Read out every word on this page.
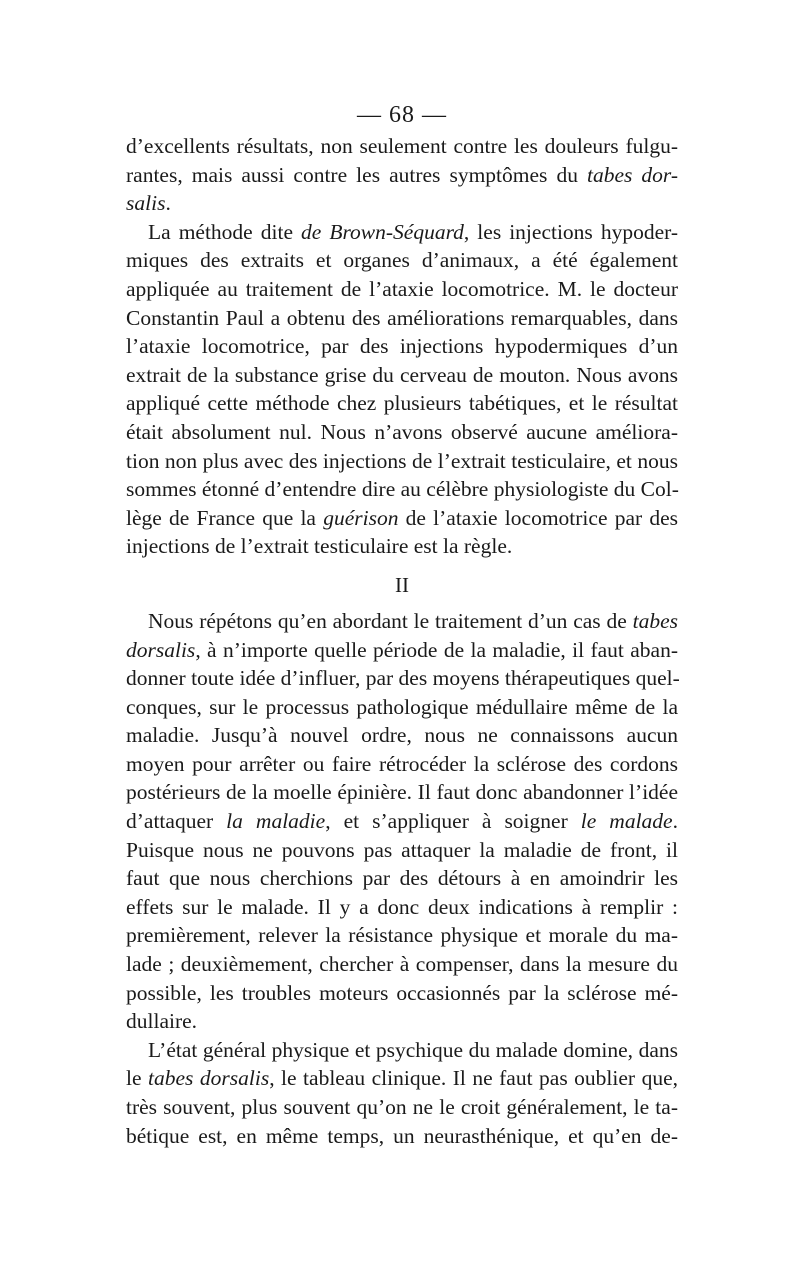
— 68 —
d’excellents résultats, non seulement contre les douleurs fulgu-
rantes, mais aussi contre les autres symptômes du tabes dor-
salis.
La méthode dite de Brown-Séquard, les injections hypoder-
miques des extraits et organes d’animaux, a été également
appliquée au traitement de l’ataxie locomotrice. M. le docteur
Constantin Paul a obtenu des améliorations remarquables, dans
l’ataxie locomotrice, par des injections hypodermiques d’un
extrait de la substance grise du cerveau de mouton. Nous avons
appliqué cette méthode chez plusieurs tabétiques, et le résultat
était absolument nul. Nous n’avons observé aucune améliora-
tion non plus avec des injections de l’extrait testiculaire, et nous
sommes étonné d’entendre dire au célèbre physiologiste du Col-
lège de France que la guérison de l’ataxie locomotrice par des
injections de l’extrait testiculaire est la règle.
II
Nous répétons qu’en abordant le traitement d’un cas de tabes
dorsalis, à n’importe quelle période de la maladie, il faut aban-
donner toute idée d’influer, par des moyens thérapeutiques quel-
conques, sur le processus pathologique médullaire même de la
maladie. Jusqu’à nouvel ordre, nous ne connaissons aucun
moyen pour arrêter ou faire rétrocéder la sclérose des cordons
postérieurs de la moelle épinière. Il faut donc abandonner l’idée
d’attaquer la maladie, et s’appliquer à soigner le malade.
Puisque nous ne pouvons pas attaquer la maladie de front, il
faut que nous cherchions par des détours à en amoindrir les
effets sur le malade. Il y a donc deux indications à remplir :
premièrement, relever la résistance physique et morale du ma-
lade ; deuxièmement, chercher à compenser, dans la mesure du
possible, les troubles moteurs occasionnés par la sclérose mé-
dullaire.
L’état général physique et psychique du malade domine, dans
le tabes dorsalis, le tableau clinique. Il ne faut pas oublier que,
très souvent, plus souvent qu’on ne le croit généralement, le ta-
bétique est, en même temps, un neurasthénique, et qu’en de-
